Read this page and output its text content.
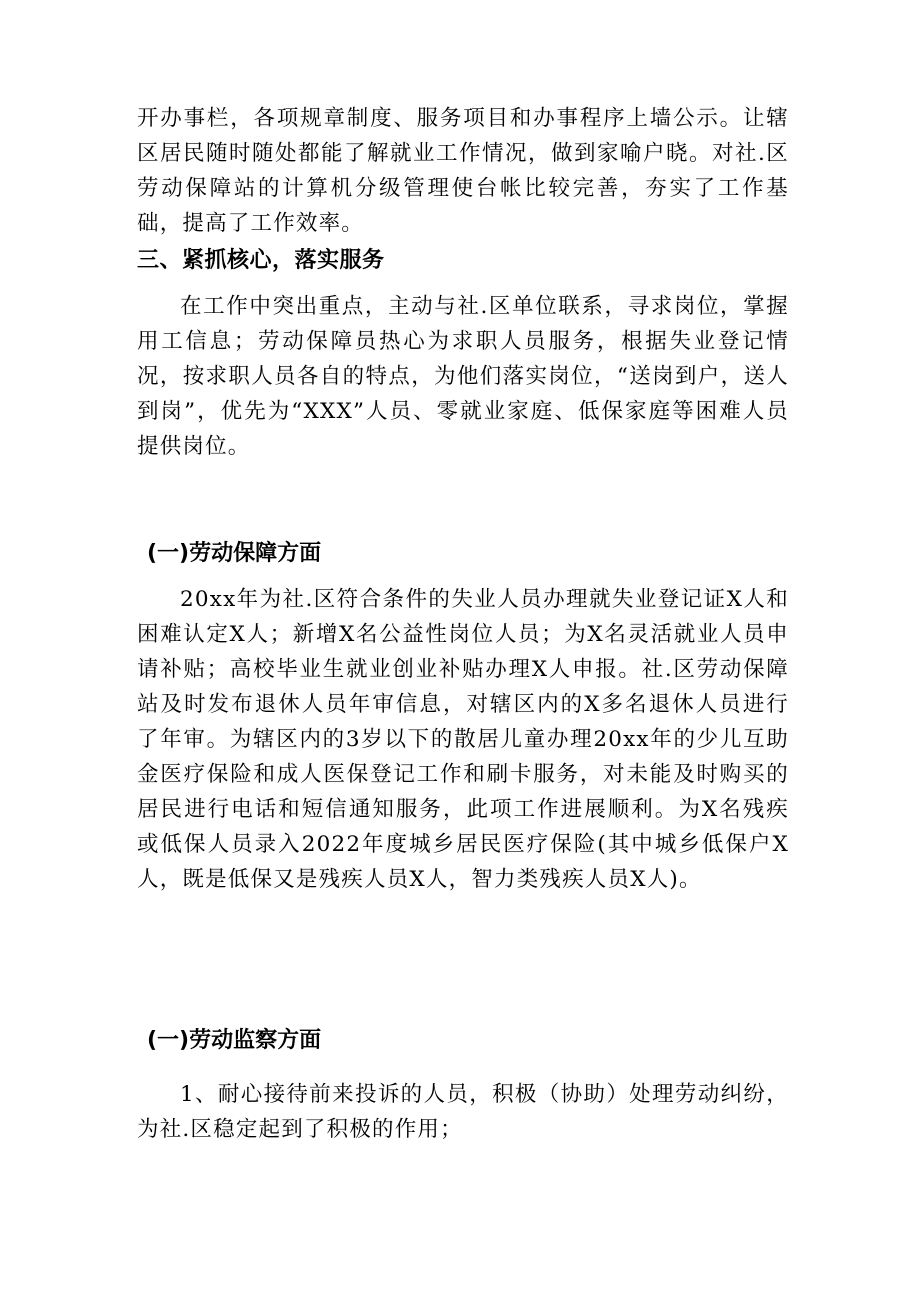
开办事栏，各项规章制度、服务项目和办事程序上墙公示。让辖区居民随时随处都能了解就业工作情况，做到家喻户晓。对社.区劳动保障站的计算机分级管理使台帐比较完善，夯实了工作基础，提高了工作效率。

三、紧抓核心，落实服务

在工作中突出重点，主动与社.区单位联系，寻求岗位，掌握用工信息；劳动保障员热心为求职人员服务，根据失业登记情况，按求职人员各自的特点，为他们落实岗位，“送岗到户，送人到岗”，优先为“XXX”人员、零就业家庭、低保家庭等困难人员提供岗位。

(一)劳动保障方面

20xx年为社.区符合条件的失业人员办理就失业登记证X人和困难认定X人；新增X名公益性岗位人员；为X名灵活就业人员申请补贴；高校毕业生就业创业补贴办理X人申报。社.区劳动保障站及时发布退休人员年审信息，对辖区内的X多名退休人员进行了年审。为辖区内的3岁以下的散居儿童办理20xx年的少儿互助金医疗保险和成人医保登记工作和刷卡服务，对未能及时购买的居民进行电话和短信通知服务，此项工作进展顺利。为X名残疾或低保人员录入2022年度城乡居民医疗保险(其中城乡低保户X人，既是低保又是残疾人员X人，智力类残疾人员X人)。

(一)劳动监察方面

1、耐心接待前来投诉的人员，积极（协助）处理劳动纠纷，为社.区稳定起到了积极的作用；
